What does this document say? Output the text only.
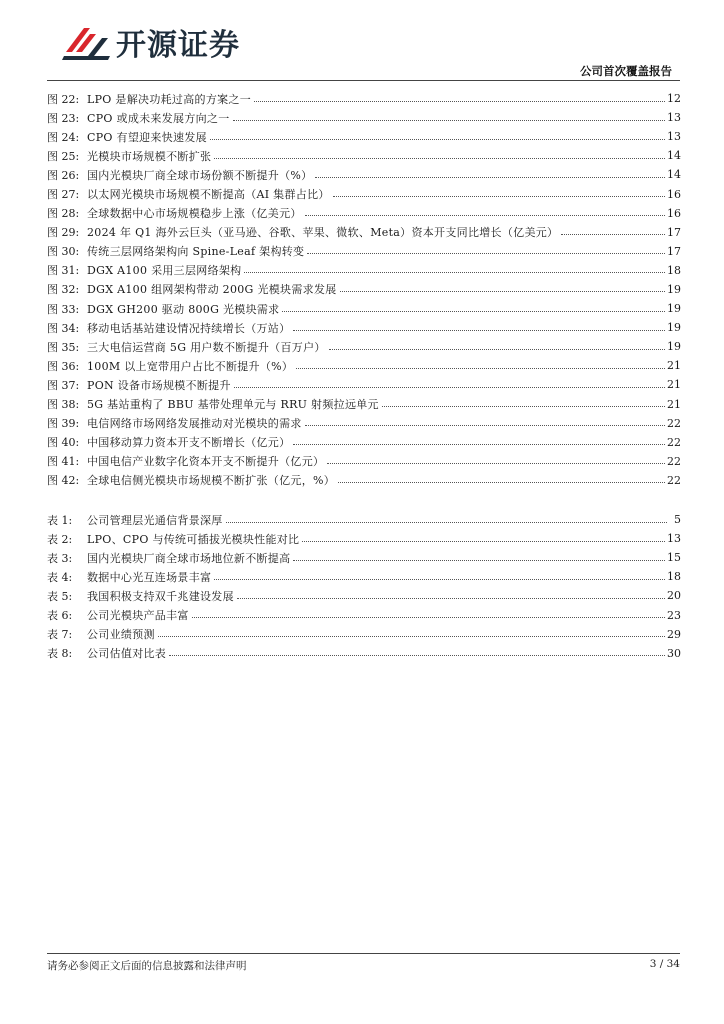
开源证券
公司首次覆盖报告
图 22: LPO 是解决功耗过高的方案之一	12
图 23: CPO 或成未来发展方向之一	13
图 24: CPO 有望迎来快速发展	13
图 25: 光模块市场规模不断扩张	14
图 26: 国内光模块厂商全球市场份额不断提升（%）	14
图 27: 以太网光模块市场规模不断提高（AI 集群占比）	16
图 28: 全球数据中心市场规模稳步上涨（亿美元）	16
图 29: 2024 年 Q1 海外云巨头（亚马逊、谷歌、苹果、微软、Meta）资本开支同比增长（亿美元）	17
图 30: 传统三层网络架构向 Spine-Leaf 架构转变	17
图 31: DGX A100 采用三层网络架构	18
图 32: DGX A100 组网架构带动 200G 光模块需求发展	19
图 33: DGX GH200 驱动 800G 光模块需求	19
图 34: 移动电话基站建设情况持续增长（万站）	19
图 35: 三大电信运营商 5G 用户数不断提升（百万户）	19
图 36: 100M 以上宽带用户占比不断提升（%）	21
图 37: PON 设备市场规模不断提升	21
图 38: 5G 基站重构了 BBU 基带处理单元与 RRU 射频拉远单元	21
图 39: 电信网络市场网络发展推动对光模块的需求	22
图 40: 中国移动算力资本开支不断增长（亿元）	22
图 41: 中国电信产业数字化资本开支不断提升（亿元）	22
图 42: 全球电信侧光模块市场规模不断扩张（亿元，%）	22
表 1:	公司管理层光通信背景深厚	5
表 2:	LPO、CPO 与传统可插拔光模块性能对比	13
表 3:	国内光模块厂商全球市场地位新不断提高	15
表 4:	数据中心光互连场景丰富	18
表 5:	我国积极支持双千兆建设发展	20
表 6:	公司光模块产品丰富	23
表 7:	公司业绩预测	29
表 8:	公司估值对比表	30
请务必参阅正文后面的信息披露和法律声明	3 / 34
